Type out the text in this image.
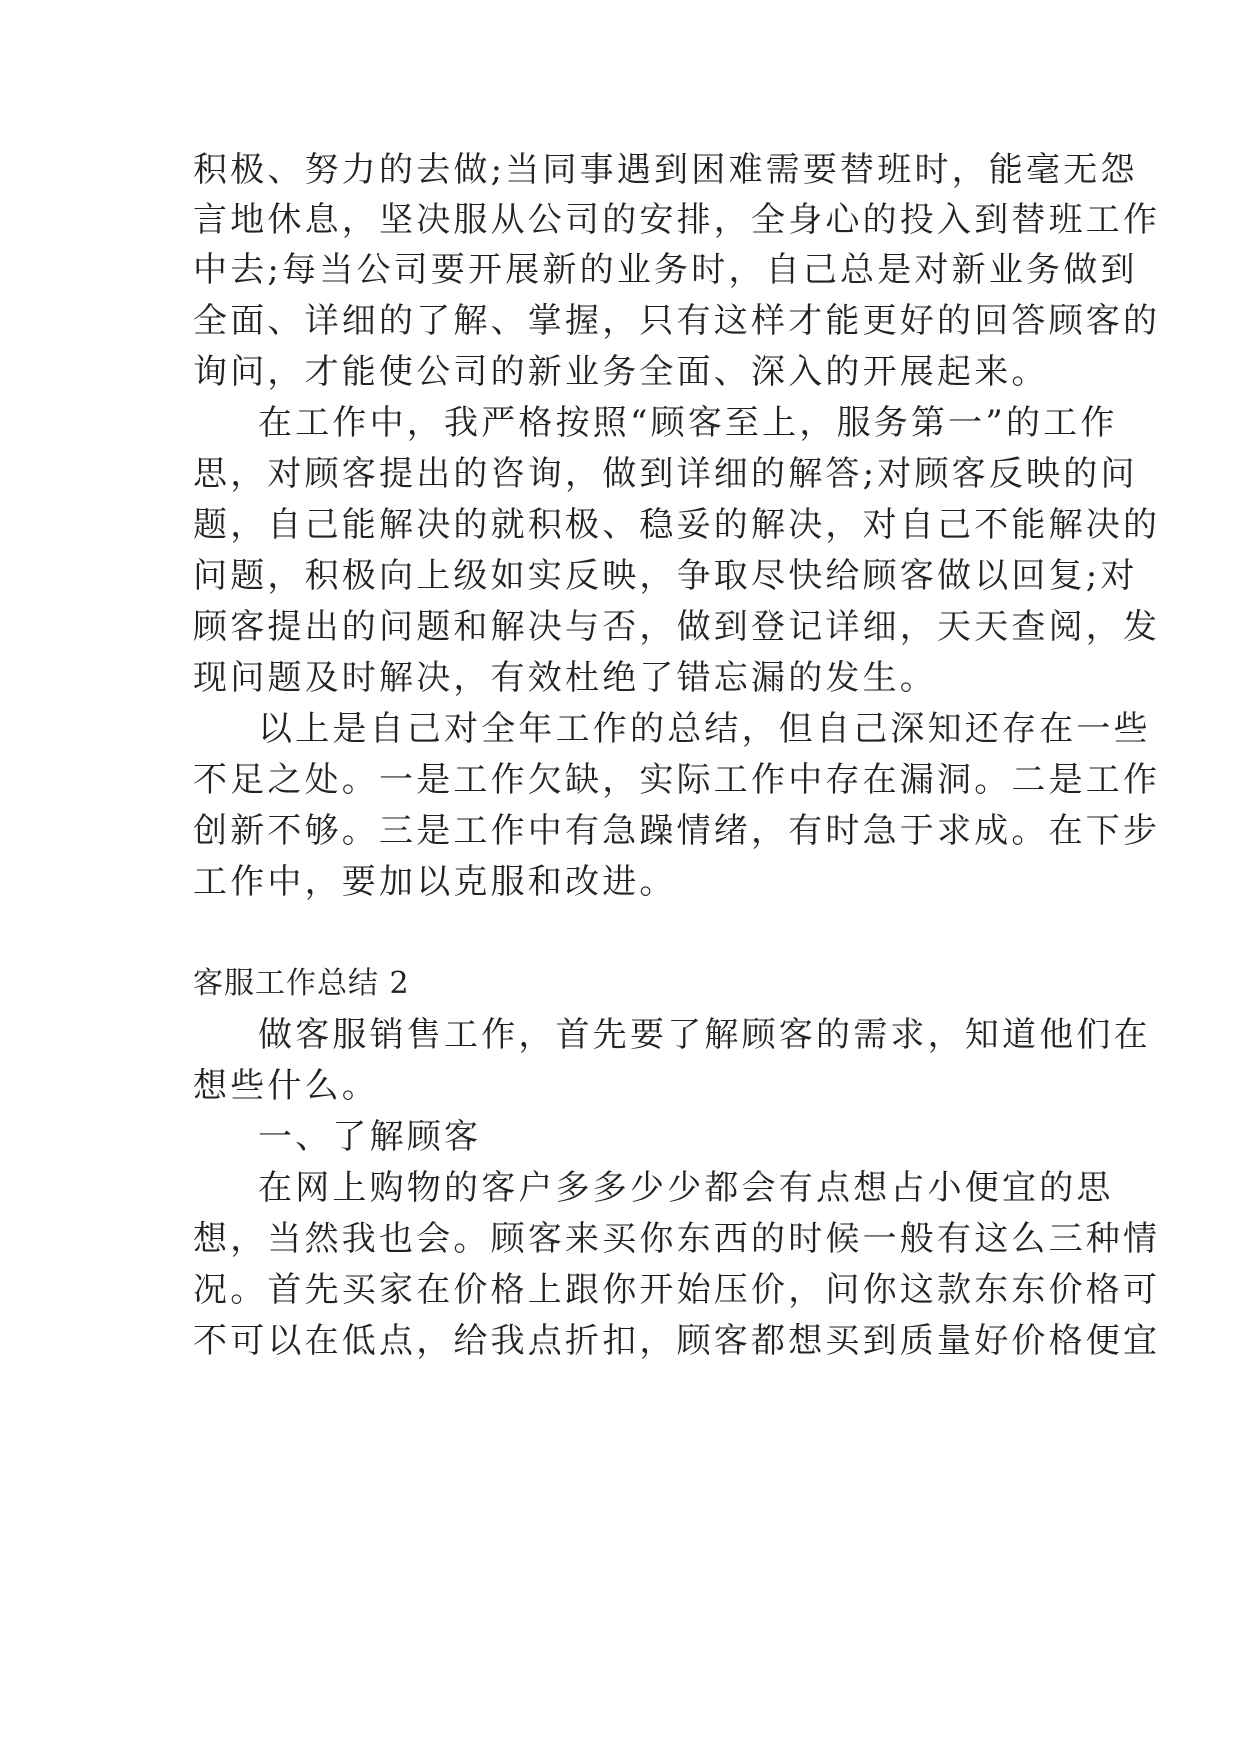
积极、努力的去做;当同事遇到困难需要替班时，能毫无怨
言地休息，坚决服从公司的安排，全身心的投入到替班工作
中去;每当公司要开展新的业务时，自己总是对新业务做到
全面、详细的了解、掌握，只有这样才能更好的回答顾客的
询问，才能使公司的新业务全面、深入的开展起来。
在工作中，我严格按照“顾客至上，服务第一”的工作
思，对顾客提出的咨询，做到详细的解答;对顾客反映的问
题，自己能解决的就积极、稳妥的解决，对自己不能解决的
问题，积极向上级如实反映，争取尽快给顾客做以回复;对
顾客提出的问题和解决与否，做到登记详细，天天查阅，发
现问题及时解决，有效杜绝了错忘漏的发生。
以上是自己对全年工作的总结，但自己深知还存在一些
不足之处。一是工作欠缺，实际工作中存在漏洞。二是工作
创新不够。三是工作中有急躁情绪，有时急于求成。在下步
工作中，要加以克服和改进。
客服工作总结 2
做客服销售工作，首先要了解顾客的需求，知道他们在
想些什么。
一、了解顾客
在网上购物的客户多多少少都会有点想占小便宜的思
想，当然我也会。顾客来买你东西的时候一般有这么三种情
况。首先买家在价格上跟你开始压价，问你这款东东价格可
不可以在低点，给我点折扣，顾客都想买到质量好价格便宜
